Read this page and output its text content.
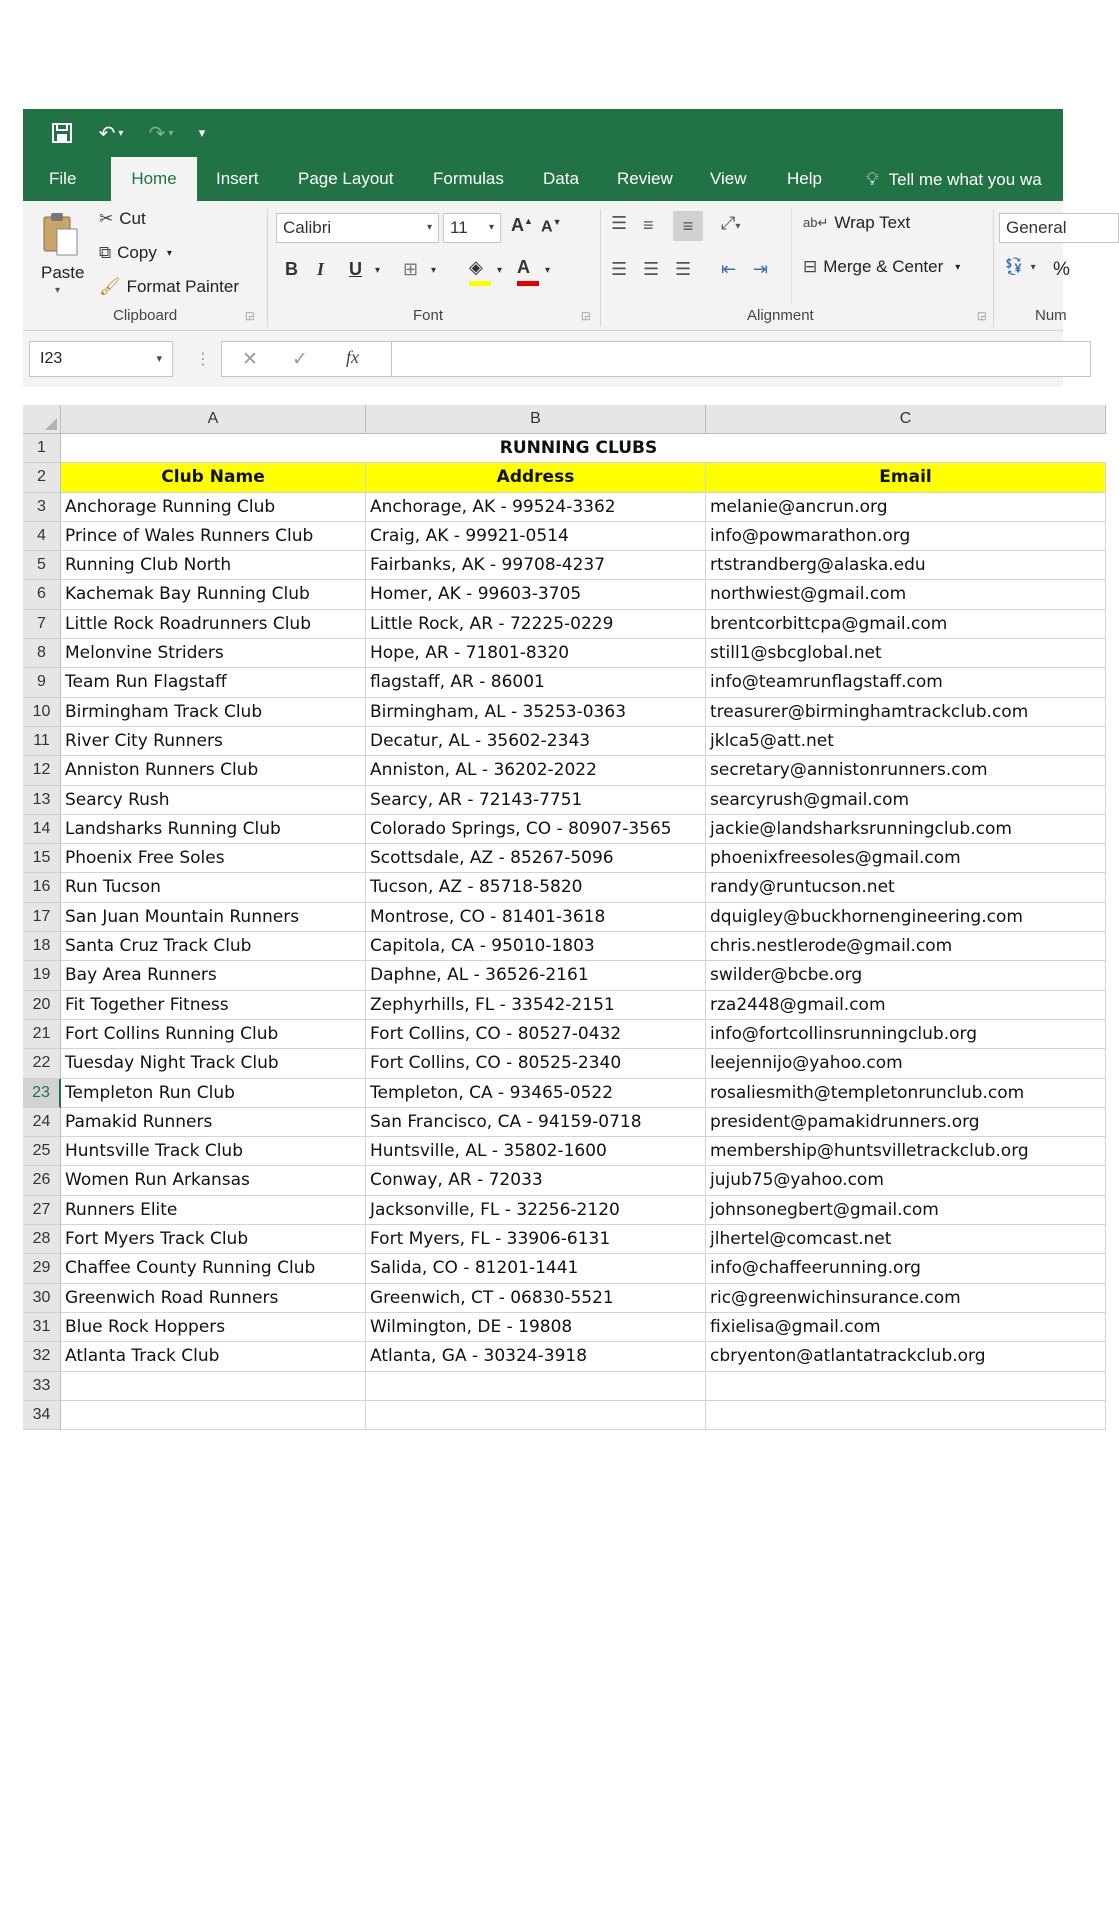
↶ ▾	↷ ▾	▾
File	Home	Insert Page Layout Formulas Data Review View Help 💡︎ Tell me what you wa
Paste
▾
✂ Cut
⧉ Copy ▾
🖌︎ Format Painter
Clipboard	◲
Calibri	▾	11 ▾ A▲ A▼
B I U ▾ ⊞ ▾ ◈ ▾ A ▾
Font	◲
☰ ≡	≡	⤢▾
☰ ☰ ☰ ⇤ ⇥
ab↵ Wrap Text
⊟ Merge & Center ▾
Alignment	◲
General
💱︎ ▾ %
Num
I23	▾ ⋮ ✕ ✓ fx
A	B	C
1	RUNNING CLUBS
2	Club Name	Address	Email
3	Anchorage Running Club	Anchorage, AK - 99524-3362	melanie@ancrun.org
4	Prince of Wales Runners Club	Craig, AK - 99921-0514	info@powmarathon.org
5	Running Club North	Fairbanks, AK - 99708-4237	rtstrandberg@alaska.edu
6	Kachemak Bay Running Club	Homer, AK - 99603-3705	northwiest@gmail.com
7	Little Rock Roadrunners Club	Little Rock, AR - 72225-0229	brentcorbittcpa@gmail.com
8	Melonvine Striders	Hope, AR - 71801-8320	still1@sbcglobal.net
9	Team Run Flagstaff	flagstaff, AR - 86001	info@teamrunflagstaff.com
10 Birmingham Track Club	Birmingham, AL - 35253-0363	treasurer@birminghamtrackclub.com
11 River City Runners	Decatur, AL - 35602-2343	jklca5@att.net
12 Anniston Runners Club	Anniston, AL - 36202-2022	secretary@annistonrunners.com
13 Searcy Rush	Searcy, AR - 72143-7751	searcyrush@gmail.com
14 Landsharks Running Club	Colorado Springs, CO - 80907-3565	jackie@landsharksrunningclub.com
15 Phoenix Free Soles	Scottsdale, AZ - 85267-5096	phoenixfreesoles@gmail.com
16 Run Tucson	Tucson, AZ - 85718-5820	randy@runtucson.net
17 San Juan Mountain Runners	Montrose, CO - 81401-3618	dquigley@buckhornengineering.com
18 Santa Cruz Track Club	Capitola, CA - 95010-1803	chris.nestlerode@gmail.com
19 Bay Area Runners	Daphne, AL - 36526-2161	swilder@bcbe.org
20 Fit Together Fitness	Zephyrhills, FL - 33542-2151	rza2448@gmail.com
21 Fort Collins Running Club	Fort Collins, CO - 80527-0432	info@fortcollinsrunningclub.org
22 Tuesday Night Track Club	Fort Collins, CO - 80525-2340	leejennijo@yahoo.com
23 Templeton Run Club	Templeton, CA - 93465-0522	rosaliesmith@templetonrunclub.com
24 Pamakid Runners	San Francisco, CA - 94159-0718	president@pamakidrunners.org
25 Huntsville Track Club	Huntsville, AL - 35802-1600	membership@huntsvilletrackclub.org
26 Women Run Arkansas	Conway, AR - 72033	jujub75@yahoo.com
27 Runners Elite	Jacksonville, FL - 32256-2120	johnsonegbert@gmail.com
28 Fort Myers Track Club	Fort Myers, FL - 33906-6131	jlhertel@comcast.net
29 Chaffee County Running Club	Salida, CO - 81201-1441	info@chaffeerunning.org
30 Greenwich Road Runners	Greenwich, CT - 06830-5521	ric@greenwichinsurance.com
31 Blue Rock Hoppers	Wilmington, DE - 19808	fixielisa@gmail.com
32 Atlanta Track Club	Atlanta, GA - 30324-3918	cbryenton@atlantatrackclub.org
33
34
